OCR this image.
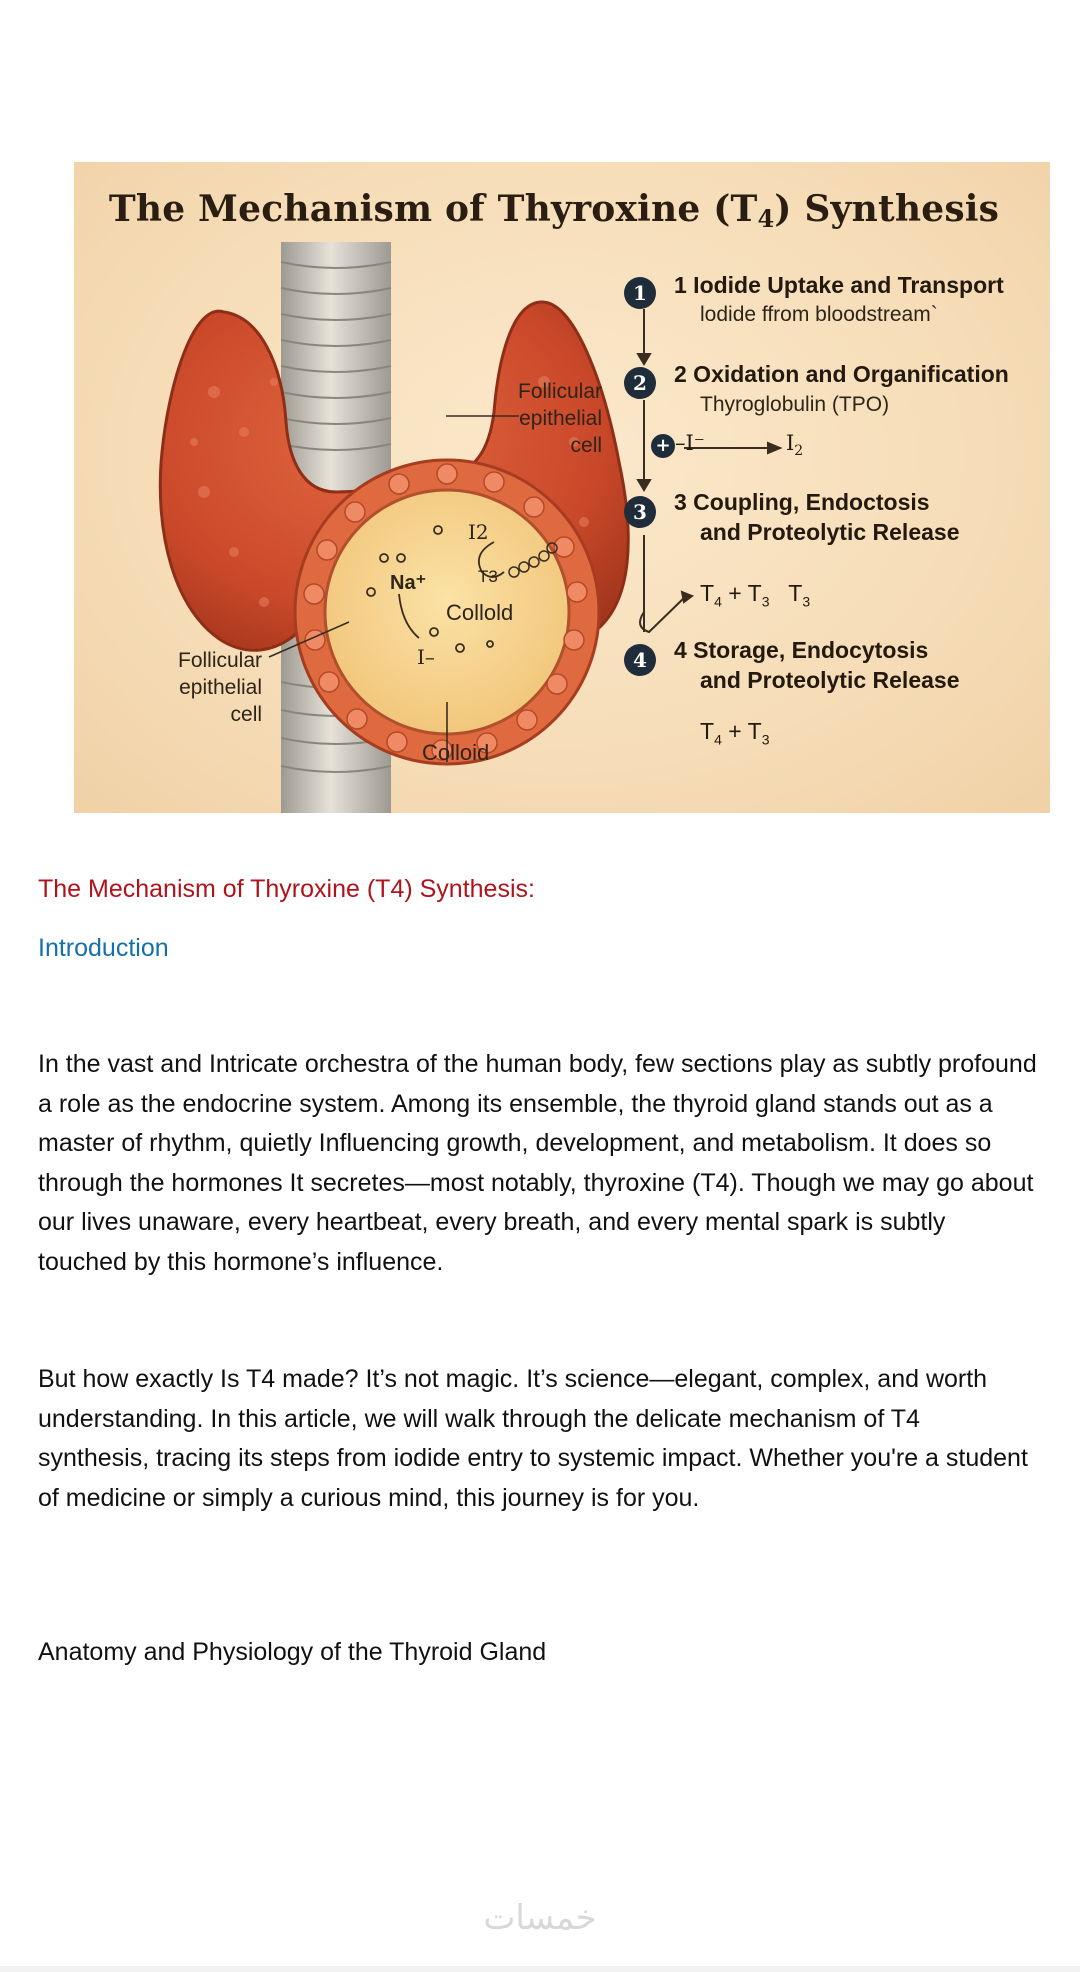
The Mechanism of Thyroxine $(T_4)$ Synthesis
Follicular
epithelial
cell
Follicular
epithelial
cell
Collold
Colloid
Na⁺
I–
I2
T3
1	1 Iodide Uptake and Transport
lodide ffrom bloodstream`
2	2 Oxidation and Organification
Thyroglobulin (TPO)
+ –I⁻	$I_2$
3	3 Coupling, Endoctosis
and Proteolytic Release
$T_4 + T_3$   $T_3$
4	4 Storage, Endocytosis
and Proteolytic Release
$T_4 + T_3$
The Mechanism of Thyroxine (T4) Synthesis:
Introduction
In the vast and Intricate orchestra of the human body, few sections play as subtly profound a role as the endocrine system. Among its ensemble, the thyroid gland stands out as a master of rhythm, quietly Influencing growth, development, and metabolism. It does so through the hormones It secretes—most notably, thyroxine (T4). Though we may go about our lives unaware, every heartbeat, every breath, and every mental spark is subtly touched by this hormone’s influence.
But how exactly Is T4 made? It’s not magic. It’s science—elegant, complex, and worth understanding. In this article, we will walk through the delicate mechanism of T4 synthesis, tracing its steps from iodide entry to systemic impact. Whether you're a student of medicine or simply a curious mind, this journey is for you.
Anatomy and Physiology of the Thyroid Gland
خمسات
